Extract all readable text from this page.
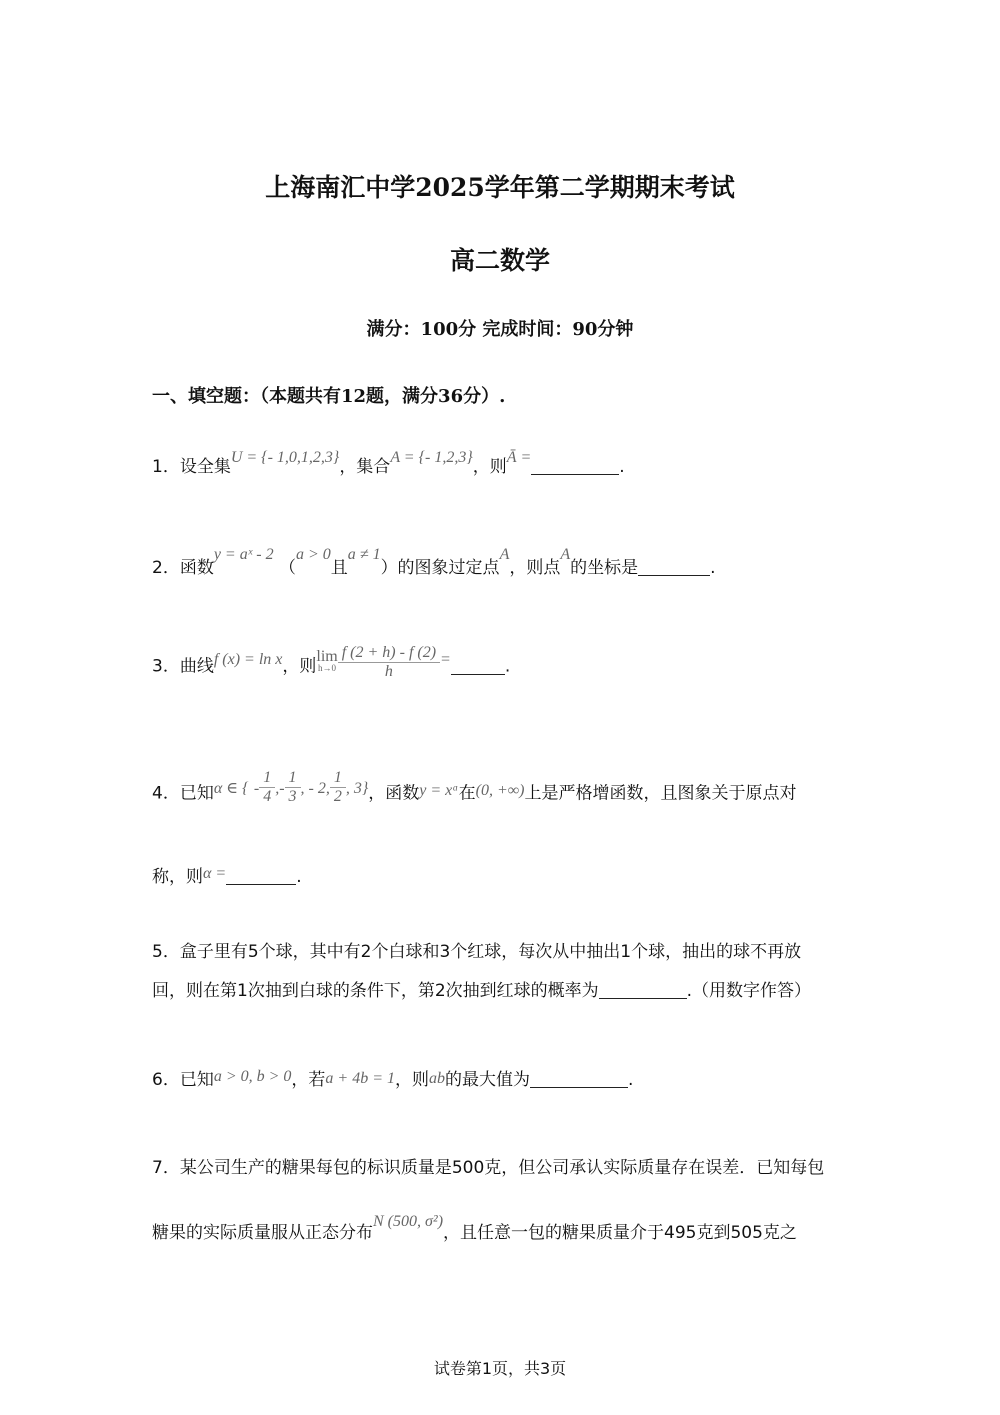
上海南汇中学2025学年第二学期期末考试
高二数学
满分：100分 完成时间：90分钟
一、填空题：（本题共有12题，满分36分）.
1．设全集U = {- 1,0,1,2,3}，集合A = {- 1,2,3}，则Ā =	.
2．函数y = aˣ - 2 （a > 0且a ≠ 1）的图象过定点A，则点A的坐标是	.
3．曲线f (x) = ln x，则lim
$h\to 0 \frac{f (2 + h) - f (2)}{h}$ =	.
4．已知α ∈ { - $\frac{1}{4}$ ,- $\frac{1}{3}$ , - 2, $\frac{1}{2}$ , 3}，函数y = xᵅ在(0, +∞)上是严格增函数，且图象关于原点对
称，则α =	.
5．盒子里有5个球，其中有2个白球和3个红球，每次从中抽出1个球，抽出的球不再放
回，则在第1次抽到白球的条件下，第2次抽到红球的概率为	.（用数字作答）
6．已知a > 0, b > 0，若a + 4b = 1，则ab的最大值为	.
7．某公司生产的糖果每包的标识质量是500克，但公司承认实际质量存在误差．已知每包
糖果的实际质量服从正态分布N (500, σ²)，且任意一包的糖果质量介于495克到505克之
试卷第1页，共3页
